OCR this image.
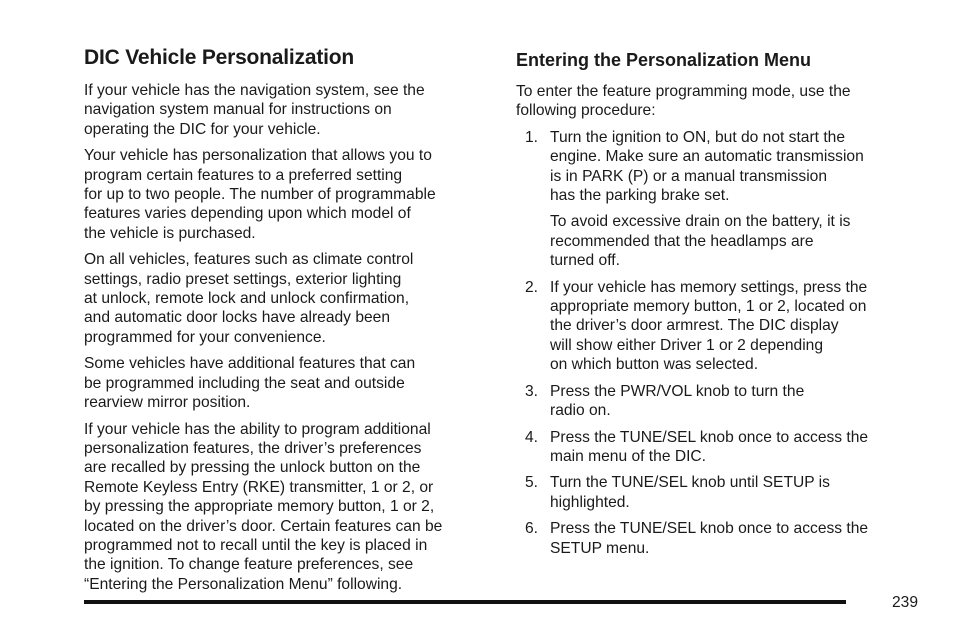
DIC Vehicle Personalization

If your vehicle has the navigation system, see the
navigation system manual for instructions on
operating the DIC for your vehicle.

Your vehicle has personalization that allows you to
program certain features to a preferred setting
for up to two people. The number of programmable
features varies depending upon which model of
the vehicle is purchased.

On all vehicles, features such as climate control
settings, radio preset settings, exterior lighting
at unlock, remote lock and unlock confirmation,
and automatic door locks have already been
programmed for your convenience.

Some vehicles have additional features that can
be programmed including the seat and outside
rearview mirror position.

If your vehicle has the ability to program additional
personalization features, the driver’s preferences
are recalled by pressing the unlock button on the
Remote Keyless Entry (RKE) transmitter, 1 or 2, or
by pressing the appropriate memory button, 1 or 2,
located on the driver’s door. Certain features can be
programmed not to recall until the key is placed in
the ignition. To change feature preferences, see
“Entering the Personalization Menu” following.

Entering the Personalization Menu

To enter the feature programming mode, use the
following procedure:

1. Turn the ignition to ON, but do not start the
engine. Make sure an automatic transmission
is in PARK (P) or a manual transmission
has the parking brake set.

To avoid excessive drain on the battery, it is
recommended that the headlamps are
turned off.

2. If your vehicle has memory settings, press the
appropriate memory button, 1 or 2, located on
the driver’s door armrest. The DIC display
will show either Driver 1 or 2 depending
on which button was selected.
3. Press the PWR/VOL knob to turn the
radio on.
4. Press the TUNE/SEL knob once to access the
main menu of the DIC.
5. Turn the TUNE/SEL knob until SETUP is
highlighted.
6. Press the TUNE/SEL knob once to access the
SETUP menu.
239
